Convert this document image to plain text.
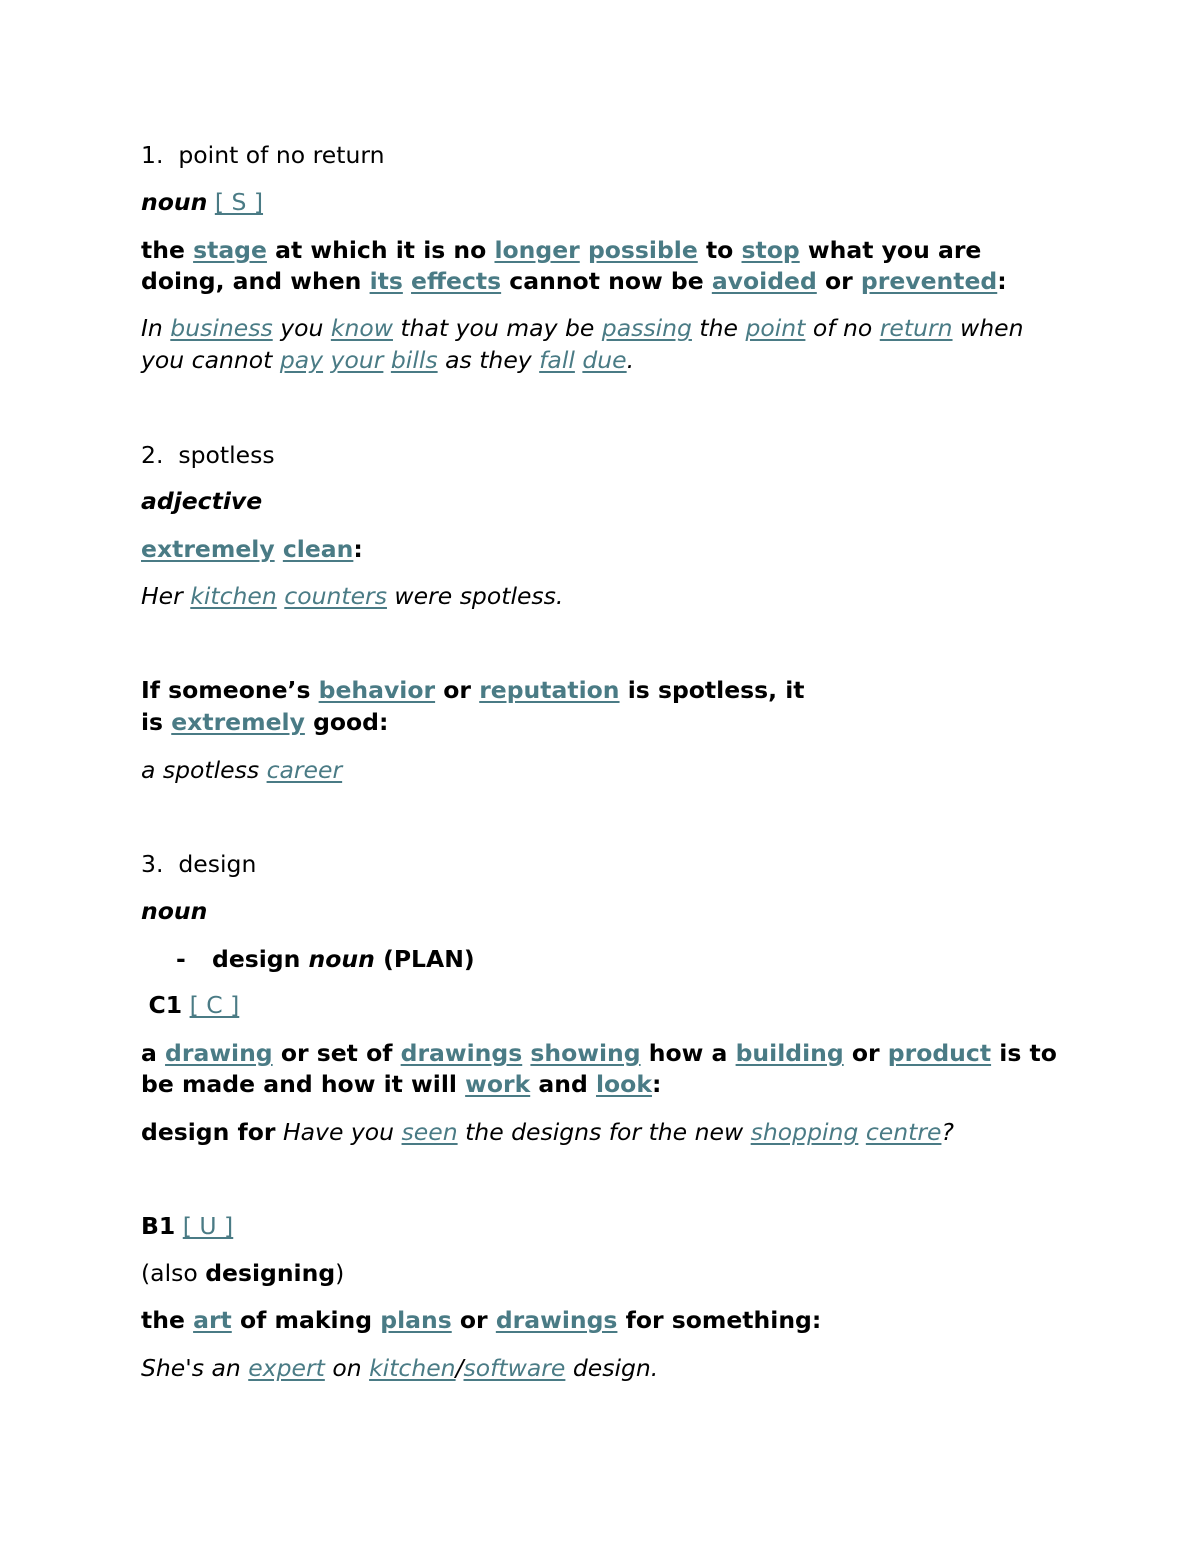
1. point of no return
noun [ S ]
the stage at which it is no longer possible to stop what you are
doing, and when its effects cannot now be avoided or prevented:
In business you know that you may be passing the point of no return when
you cannot pay your bills as they fall due.
2. spotless
adjective
extremely clean:
Her kitchen counters were spotless.
If someone’s behavior or reputation is spotless, it
is extremely good:
a spotless career
3. design
noun
- design noun (PLAN)
C1 [ C ]
a drawing or set of drawings showing how a building or product is to
be made and how it will work and look:
design for Have you seen the designs for the new shopping centre?
B1 [ U ]
(also designing)
the art of making plans or drawings for something:
She's an expert on kitchen/software design.
